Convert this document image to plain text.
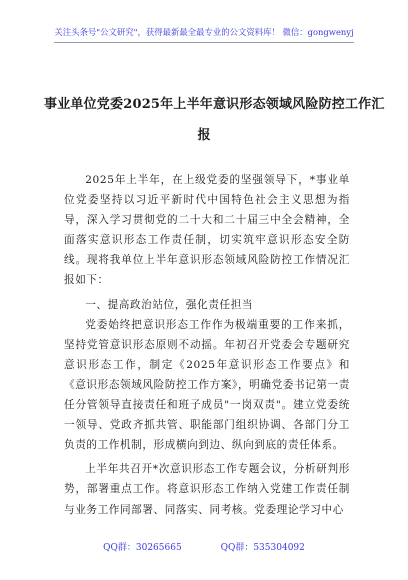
关注头条号"公文研究"，获得最新最全最专业的公文资料库！ 微信：gongwenyj
事业单位党委2025年上半年意识形态领域风险防控工作汇
报

2025年上半年，在上级党委的坚强领导下，*事业单位党委坚持以习近平新时代中国特色社会主义思想为指导，深入学习贯彻党的二十大和二十届三中全会精神，全面落实意识形态工作责任制，切实筑牢意识形态安全防线。现将我单位上半年意识形态领域风险防控工作情况汇报如下：

一、提高政治站位，强化责任担当

党委始终把意识形态工作作为极端重要的工作来抓，坚持党管意识形态原则不动摇。年初召开党委会专题研究意识形态工作，制定《2025年意识形态工作要点》和《意识形态领域风险防控工作方案》，明确党委书记第一责任分管领导直接责任和班子成员"一岗双责"。建立党委统一领导、党政齐抓共管、职能部门组织协调、各部门分工负责的工作机制，形成横向到边、纵向到底的责任体系。

上半年共召开*次意识形态工作专题会议，分析研判形势，部署重点工作。将意识形态工作纳入党建工作责任制与业务工作同部署、同落实、同考核。党委理论学习中心

QQ群：30265665	QQ群：535304092
